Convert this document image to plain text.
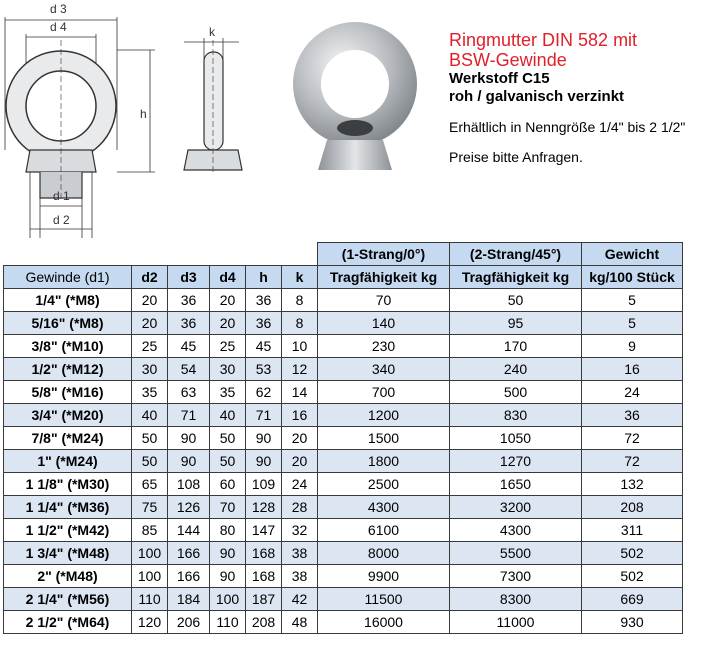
d 3
d 4
h
d 1
d 2
k	Ringmutter DIN 582 mit
BSW-Gewinde
Werkstoff C15
roh / galvanisch verzinkt
Erhältlich in Nenngröße 1/4" bis 2 1/2"
Preise bitte Anfragen.
						(1-Strang/0°)	(2-Strang/45°)	Gewicht
Gewinde (d1)	d2	d3	d4	h	k	Tragfähigkeit kg	Tragfähigkeit kg	kg/100 Stück
1/4" (*M8)	20	36	20	36	8	70	50	5
5/16" (*M8)	20	36	20	36	8	140	95	5
3/8" (*M10)	25	45	25	45	10	230	170	9
1/2" (*M12)	30	54	30	53	12	340	240	16
5/8" (*M16)	35	63	35	62	14	700	500	24
3/4" (*M20)	40	71	40	71	16	1200	830	36
7/8" (*M24)	50	90	50	90	20	1500	1050	72
1" (*M24)	50	90	50	90	20	1800	1270	72
1 1/8" (*M30)	65	108	60	109	24	2500	1650	132
1 1/4" (*M36)	75	126	70	128	28	4300	3200	208
1 1/2" (*M42)	85	144	80	147	32	6100	4300	311
1 3/4" (*M48)	100	166	90	168	38	8000	5500	502
2" (*M48)	100	166	90	168	38	9900	7300	502
2 1/4" (*M56)	110	184	100	187	42	11500	8300	669
2 1/2" (*M64)	120	206	110	208	48	16000	11000	930
